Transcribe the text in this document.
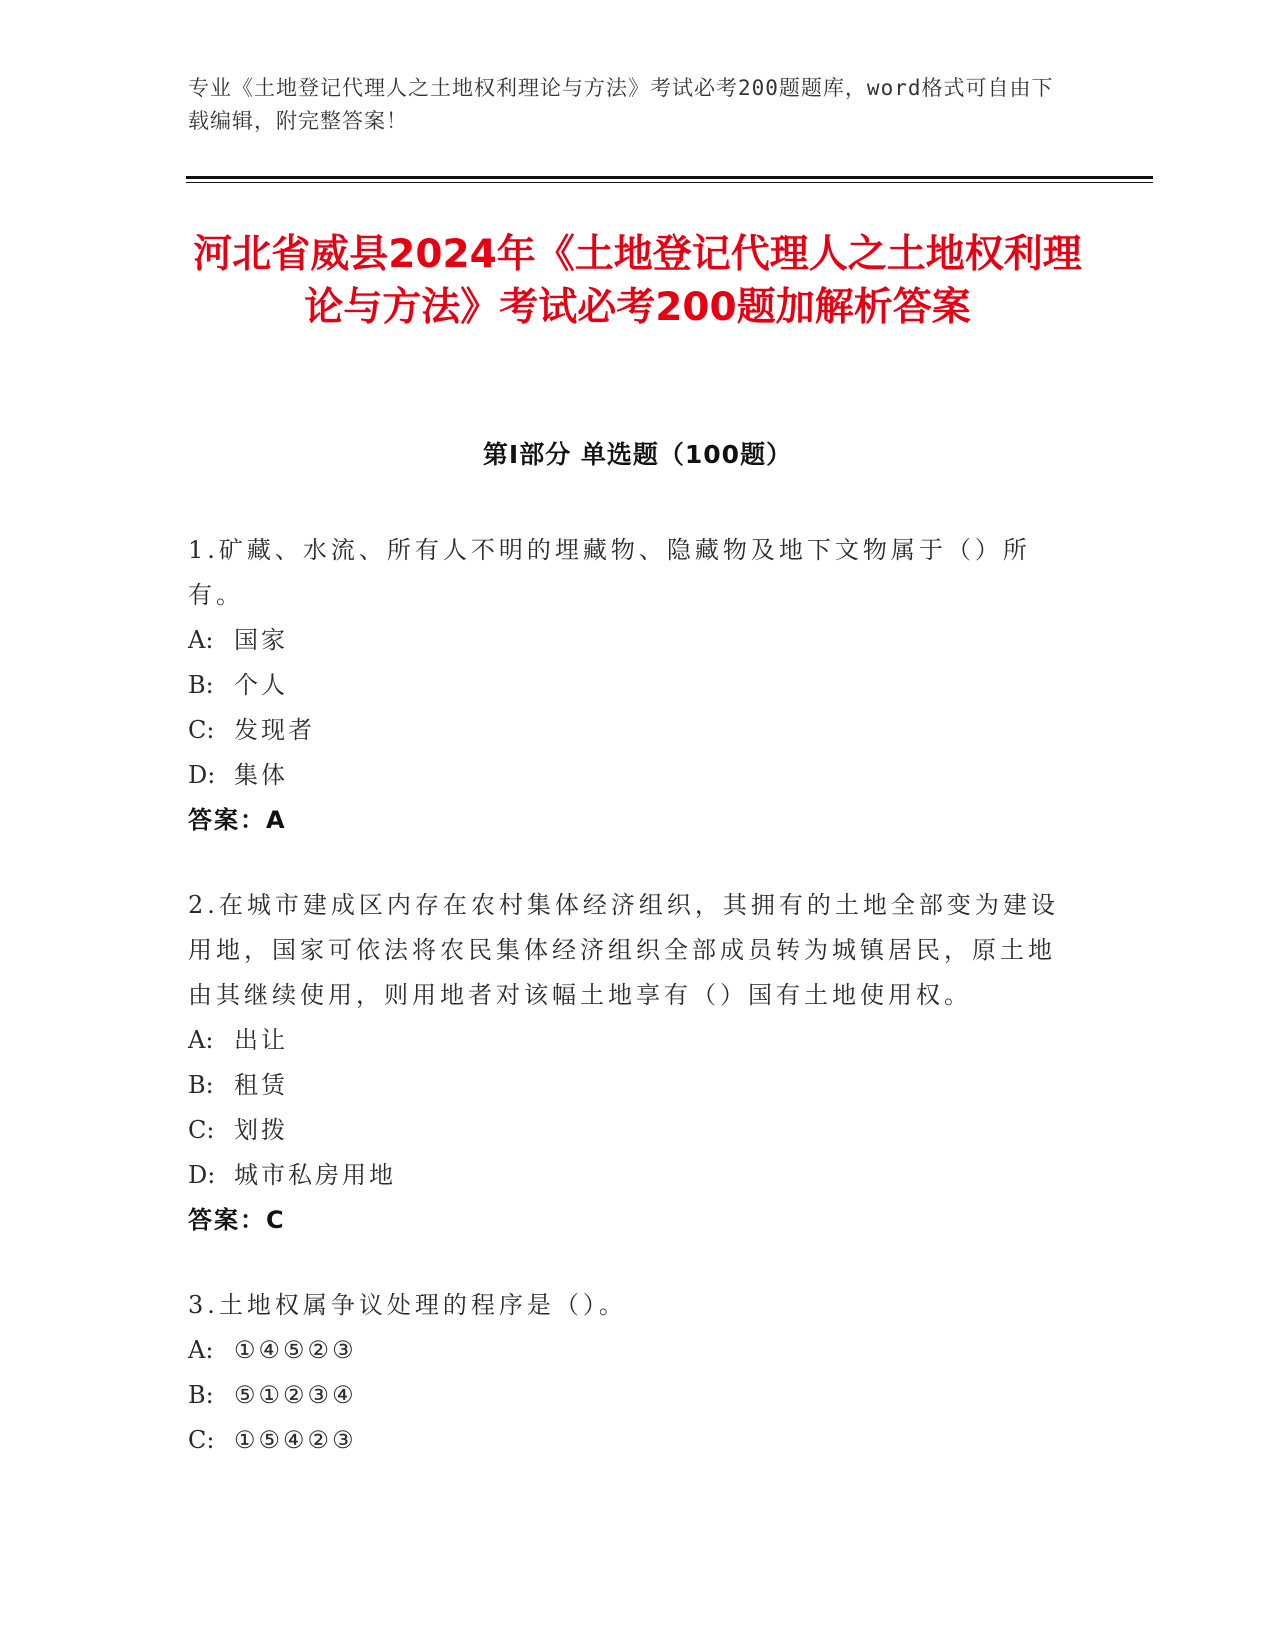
专业《土地登记代理人之土地权利理论与方法》考试必考200题题库，word格式可自由下载编辑，附完整答案！
河北省威县2024年《土地登记代理人之土地权利理论与方法》考试必考200题加解析答案
第Ⅰ部分 单选题（100题）
1.矿藏、水流、所有人不明的埋藏物、隐藏物及地下文物属于（）所有。
A: 国家
B: 个人
C: 发现者
D: 集体
答案：A
2.在城市建成区内存在农村集体经济组织，其拥有的土地全部变为建设用地，国家可依法将农民集体经济组织全部成员转为城镇居民，原土地由其继续使用，则用地者对该幅土地享有（）国有土地使用权。
A: 出让
B: 租赁
C: 划拨
D: 城市私房用地
答案：C
3.土地权属争议处理的程序是（）。
A: ①④⑤②③
B: ⑤①②③④
C: ①⑤④②③
